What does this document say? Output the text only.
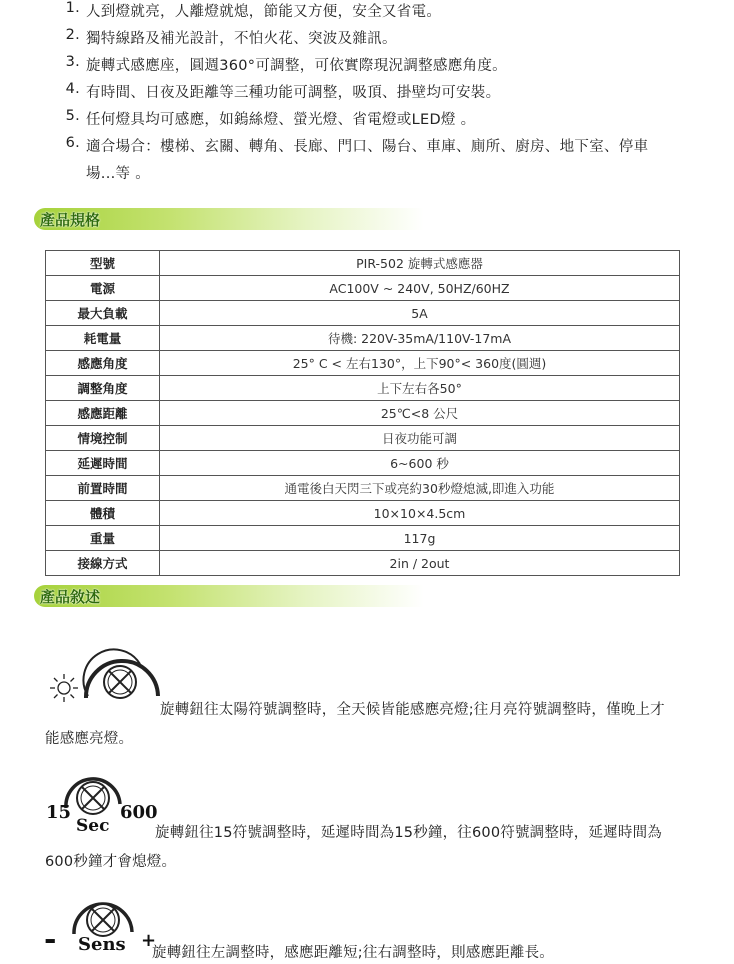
1. 人到燈就亮，人離燈就熄，節能又方便，安全又省電。
2. 獨特線路及補光設計，不怕火花、突波及雜訊。
3. 旋轉式感應座，圓週360°可調整，可依實際現況調整感應角度。
4. 有時間、日夜及距離等三種功能可調整，吸頂、掛壁均可安裝。
5. 任何燈具均可感應，如鎢絲燈、螢光燈、省電燈或LED燈 。
6. 適合場合：樓梯、玄關、轉角、長廊、門口、陽台、車庫、廁所、廚房、地下室、停車
場...等 。
產品規格
型號	PIR-502 旋轉式感應器
電源	AC100V ~ 240V, 50HZ/60HZ
最大負載	5A
耗電量	待機: 220V-35mA/110V-17mA
感應角度	25° C < 左右130°，上下90°< 360度(圓週)
調整角度	上下左右各50°
感應距離	25℃<8 公尺
情境控制	日夜功能可調
延遲時間	6~600 秒
前置時間	通電後白天閃三下或亮約30秒燈熄滅,即進入功能
體積	10×10×4.5cm
重量	117g
接線方式	2in / 2out
產品敘述
旋轉鈕往太陽符號調整時，全天候皆能感應亮燈;往月亮符號調整時，僅晚上才
能感應亮燈。
15
Sec
600
旋轉鈕往15符號調整時，延遲時間為15秒鐘，往600符號調整時，延遲時間為
600秒鐘才會熄燈。
- Sens +
旋轉鈕往左調整時，感應距離短;往右調整時，則感應距離長。
